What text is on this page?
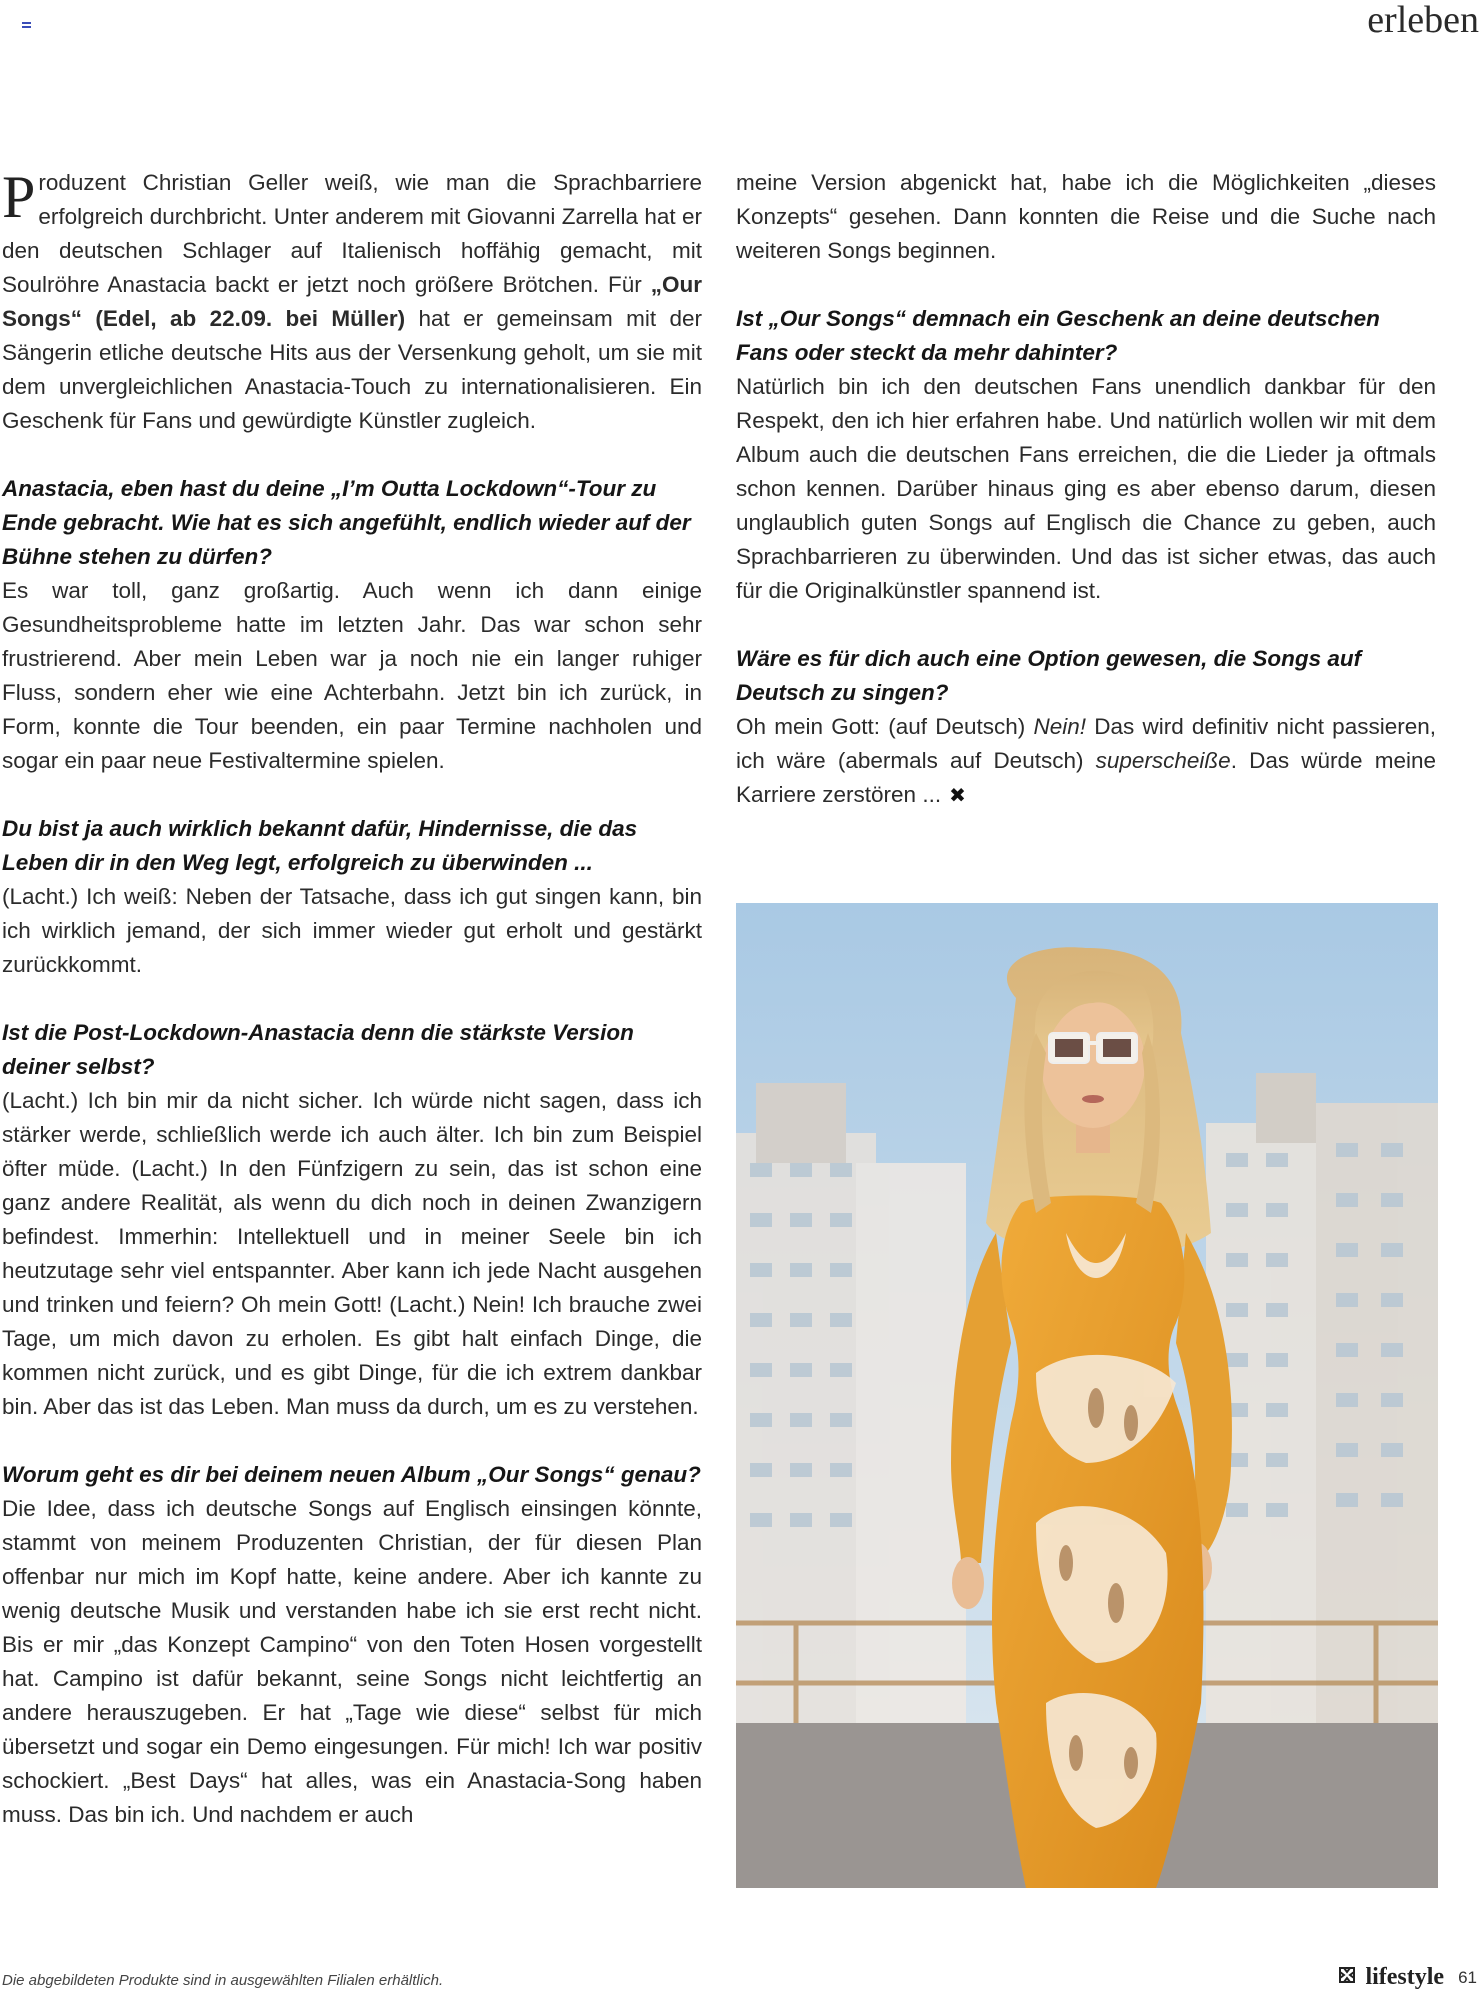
erleben

Produzent Christian Geller weiß, wie man die Sprachbarriere erfolgreich durchbricht. Unter anderem mit Giovanni Zarrella hat er den deutschen Schlager auf Italienisch hoffähig gemacht, mit Soulröhre Anastacia backt er jetzt noch größere Brötchen. Für „Our Songs“ (Edel, ab 22.09. bei Müller) hat er gemeinsam mit der Sängerin etliche deutsche Hits aus der Versenkung geholt, um sie mit dem unvergleichlichen Anastacia-Touch zu internationalisieren. Ein Geschenk für Fans und gewürdigte Künstler zugleich.

Anastacia, eben hast du deine „I’m Outta Lockdown“-Tour zu Ende gebracht. Wie hat es sich angefühlt, endlich wieder auf der Bühne stehen zu dürfen?

Es war toll, ganz großartig. Auch wenn ich dann einige Gesundheitsprobleme hatte im letzten Jahr. Das war schon sehr frustrierend. Aber mein Leben war ja noch nie ein langer ruhiger Fluss, sondern eher wie eine Achterbahn. Jetzt bin ich zurück, in Form, konnte die Tour beenden, ein paar Termine nachholen und sogar ein paar neue Festivaltermine spielen.

Du bist ja auch wirklich bekannt dafür, Hindernisse, die das Leben dir in den Weg legt, erfolgreich zu überwinden ...

(Lacht.) Ich weiß: Neben der Tatsache, dass ich gut singen kann, bin ich wirklich jemand, der sich immer wieder gut erholt und gestärkt zurückkommt.

Ist die Post-Lockdown-Anastacia denn die stärkste Version deiner selbst?

(Lacht.) Ich bin mir da nicht sicher. Ich würde nicht sagen, dass ich stärker werde, schließlich werde ich auch älter. Ich bin zum Beispiel öfter müde. (Lacht.) In den Fünfzigern zu sein, das ist schon eine ganz andere Realität, als wenn du dich noch in deinen Zwanzigern befindest. Immerhin: Intellektuell und in meiner Seele bin ich heutzutage sehr viel entspannter. Aber kann ich jede Nacht ausgehen und trinken und feiern? Oh mein Gott! (Lacht.) Nein! Ich brauche zwei Tage, um mich davon zu erholen. Es gibt halt einfach Dinge, die kommen nicht zurück, und es gibt Dinge, für die ich extrem dankbar bin. Aber das ist das Leben. Man muss da durch, um es zu verstehen.

Worum geht es dir bei deinem neuen Album „Our Songs“ genau?

Die Idee, dass ich deutsche Songs auf Englisch einsingen könnte, stammt von meinem Produzenten Christian, der für diesen Plan offenbar nur mich im Kopf hatte, keine andere. Aber ich kannte zu wenig deutsche Musik und verstanden habe ich sie erst recht nicht. Bis er mir „das Konzept Campino“ von den Toten Hosen vorgestellt hat. Campino ist dafür bekannt, seine Songs nicht leichtfertig an andere herauszugeben. Er hat „Tage wie diese“ selbst für mich übersetzt und sogar ein Demo eingesungen. Für mich! Ich war positiv schockiert. „Best Days“ hat alles, was ein Anastacia-Song haben muss. Das bin ich. Und nachdem er auch

meine Version abgenickt hat, habe ich die Möglichkeiten „dieses Konzepts“ gesehen. Dann konnten die Reise und die Suche nach weiteren Songs beginnen.

Ist „Our Songs“ demnach ein Geschenk an deine deutschen Fans oder steckt da mehr dahinter?

Natürlich bin ich den deutschen Fans unendlich dankbar für den Respekt, den ich hier erfahren habe. Und natürlich wollen wir mit dem Album auch die deutschen Fans erreichen, die die Lieder ja oftmals schon kennen. Darüber hinaus ging es aber ebenso darum, diesen unglaublich guten Songs auf Englisch die Chance zu geben, auch Sprachbarrieren zu überwinden. Und das ist sicher etwas, das auch für die Originalkünstler spannend ist.

Wäre es für dich auch eine Option gewesen, die Songs auf Deutsch zu singen?

Oh mein Gott: (auf Deutsch) Nein! Das wird definitiv nicht passieren, ich wäre (abermals auf Deutsch) superscheiße. Das würde meine Karriere zerstören ... ✖

Die abgebildeten Produkte sind in ausgewählten Filialen erhältlich.	lifestyle 61
